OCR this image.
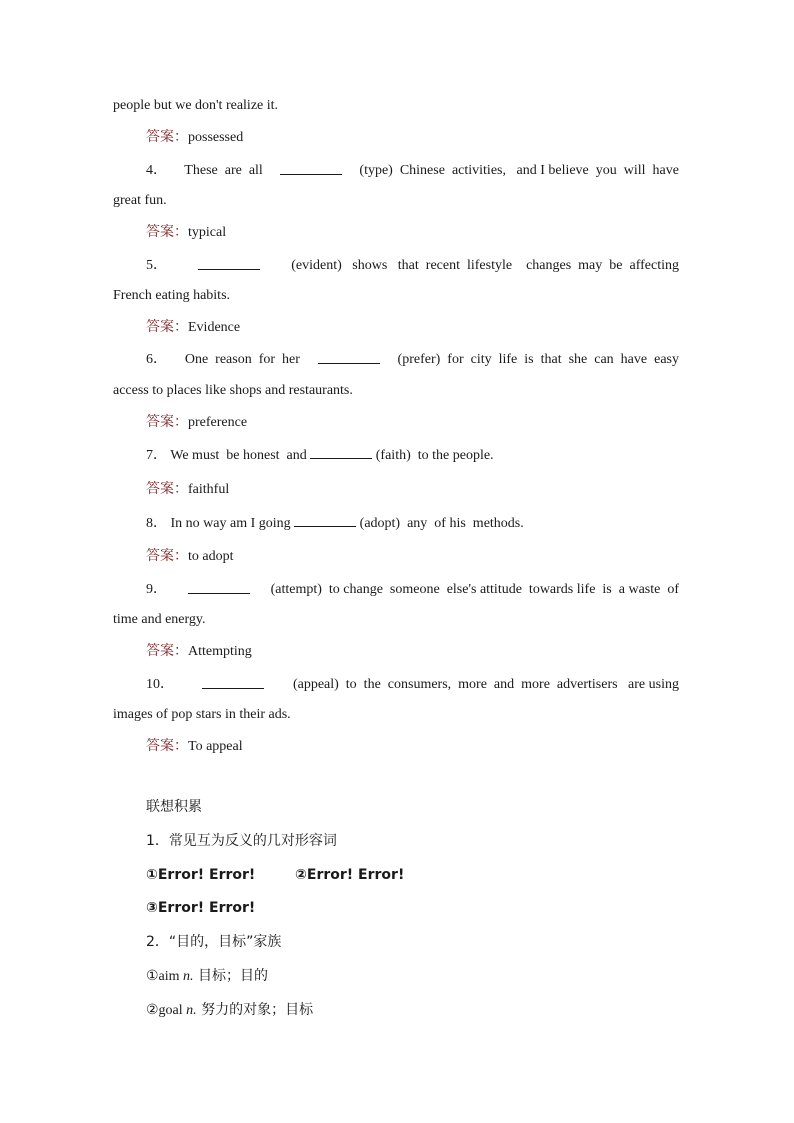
people but we don't realize it.
答案：possessed
4． These  are  all	(type)  Chinese  activities,   and I believe  you  will  have
great fun.
答案：typical
5．	(evident)   shows   that  recent  lifestyle    changes  may  be  affecting
French eating habits.
答案：Evidence
6． One  reason  for  her	(prefer)  for  city  life  is  that  she  can  have  easy
access to places like shops and restaurants.
答案：preference
7． We must  be honest  and	(faith)  to the people.
答案：faithful
8． In no way am I going	(adopt)  any  of his  methods.
答案：to adopt
9．	(attempt)  to change  someone  else's attitude  towards life  is  a waste  of
time and energy.
答案：Attempting
10．	(appeal)  to  the  consumers,  more  and  more  advertisers   are using
images of pop stars in their ads.
答案：To appeal
联想积累
1．常见互为反义的几对形容词
①Error! Error!	②Error! Error!
③Error! Error!
2．“目的，目标”家族
①aim n. 目标；目的
②goal n. 努力的对象；目标
